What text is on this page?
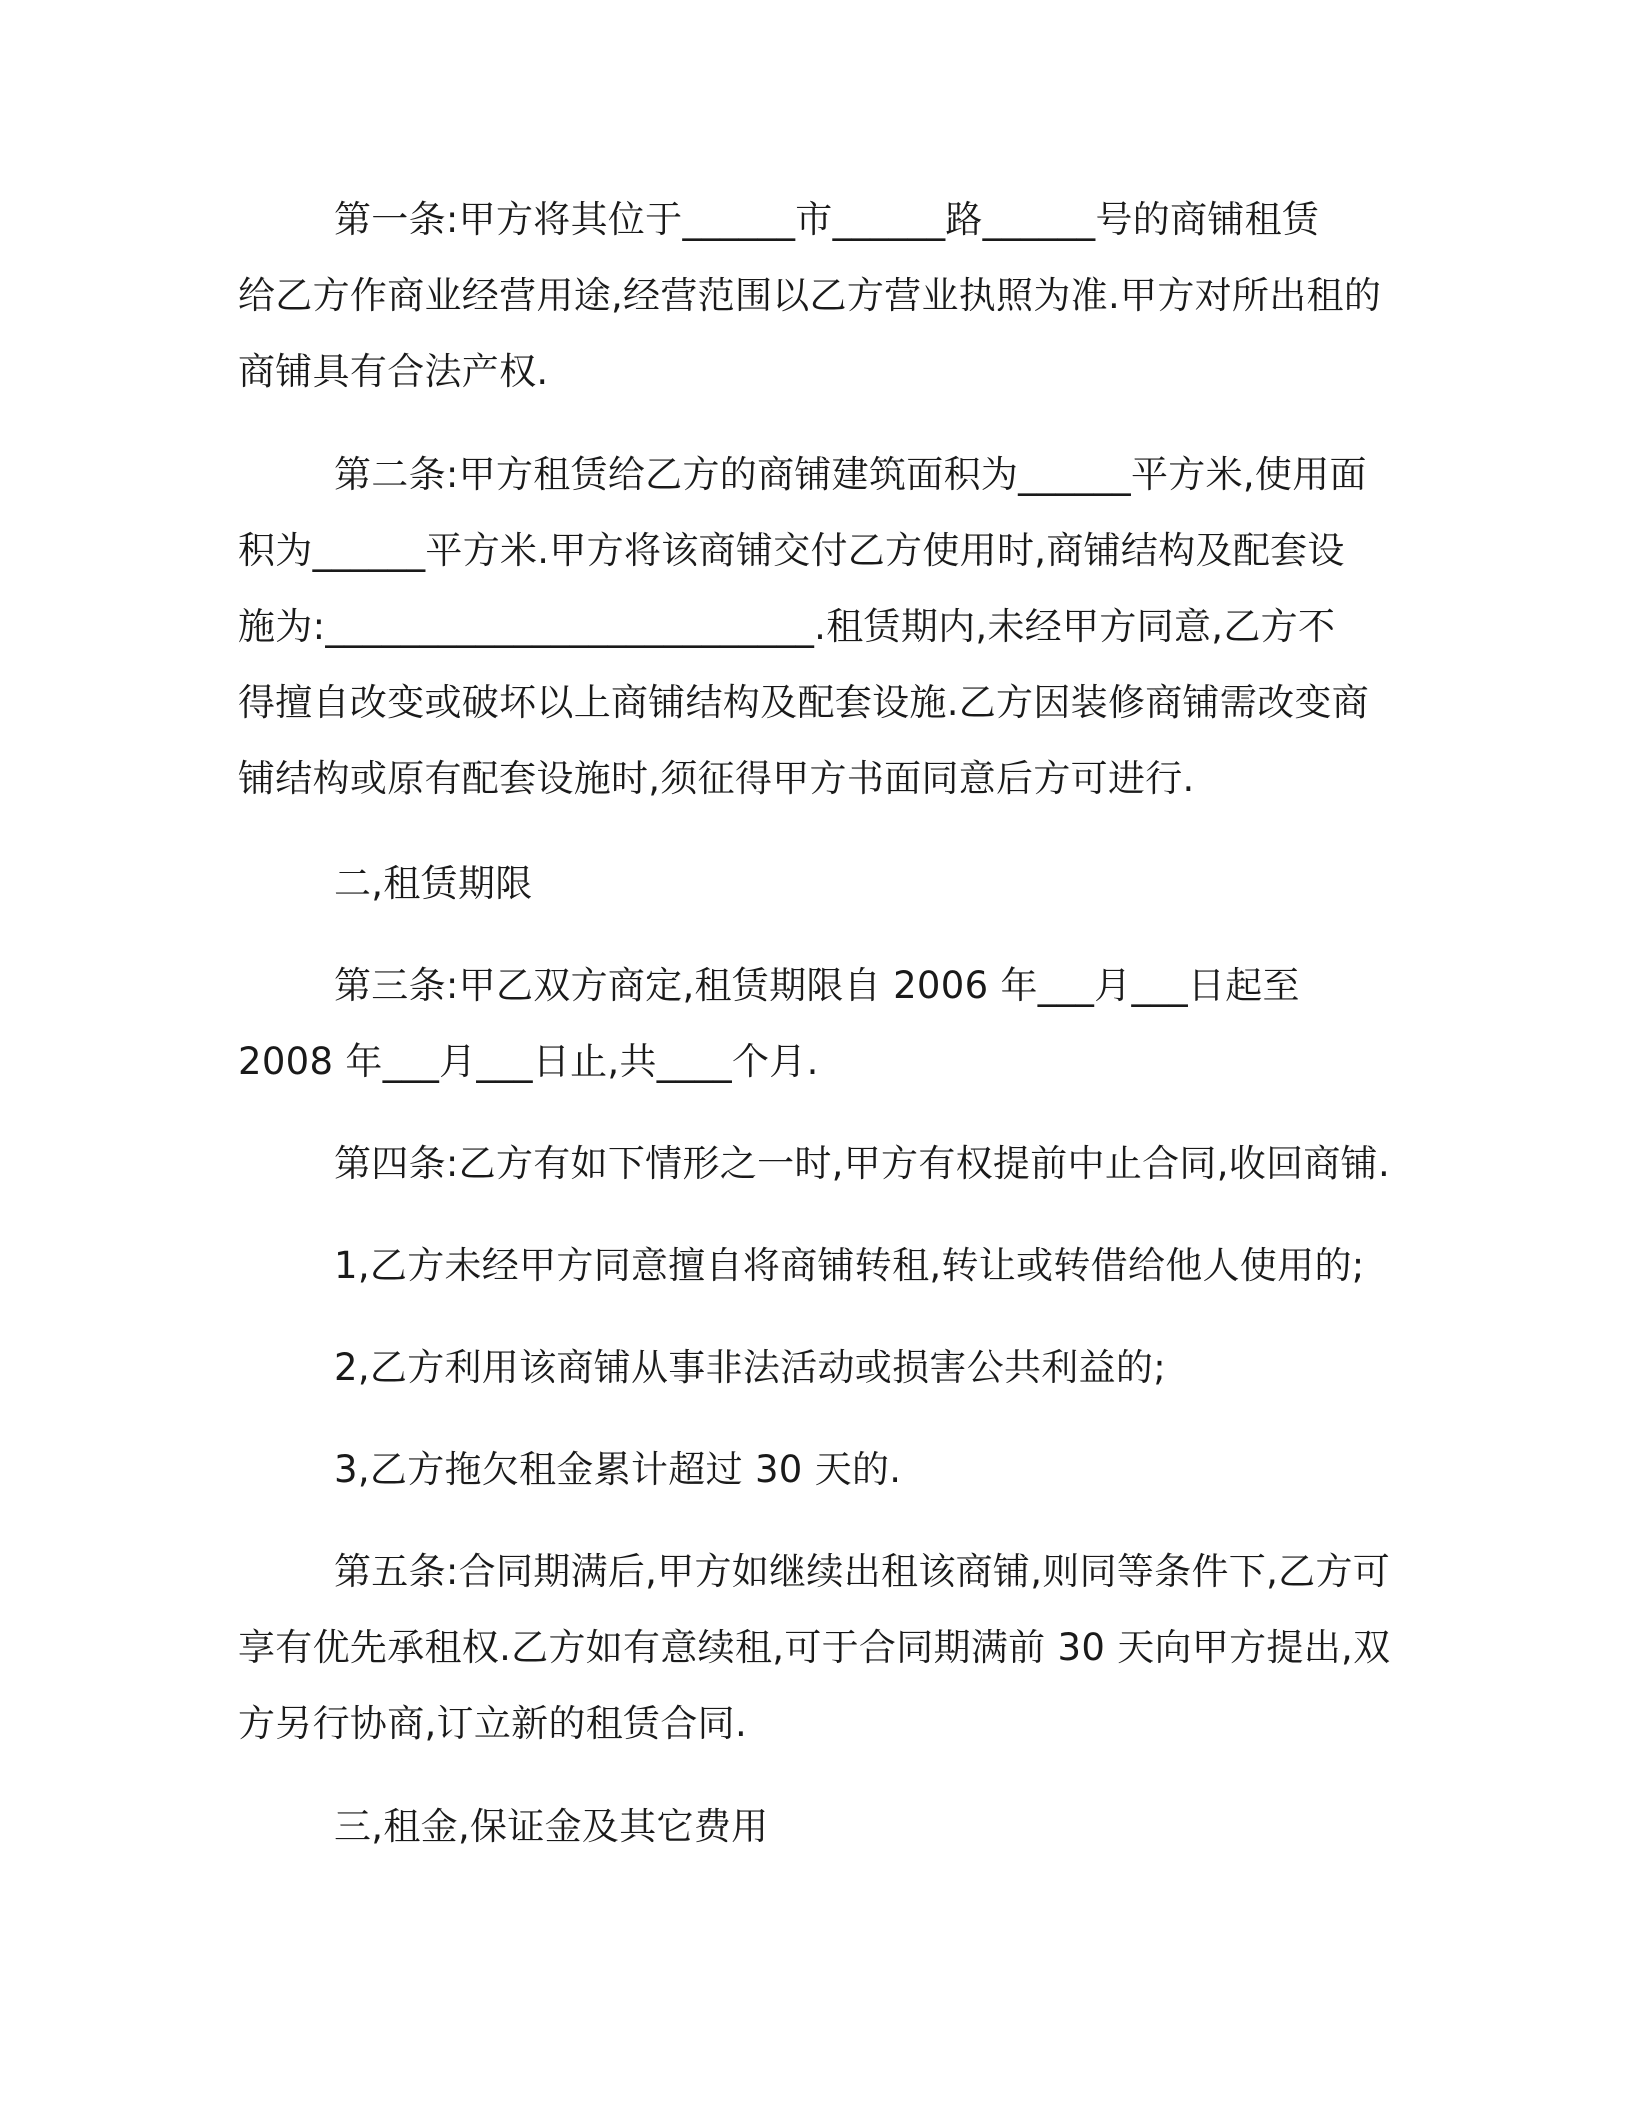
第一条:甲方将其位于______市______路______号的商铺租赁
给乙方作商业经营用途,经营范围以乙方营业执照为准.甲方对所出租的
商铺具有合法产权.
第二条:甲方租赁给乙方的商铺建筑面积为______平方米,使用面
积为______平方米.甲方将该商铺交付乙方使用时,商铺结构及配套设
施为:__________________________.租赁期内,未经甲方同意,乙方不
得擅自改变或破坏以上商铺结构及配套设施.乙方因装修商铺需改变商
铺结构或原有配套设施时,须征得甲方书面同意后方可进行.
二,租赁期限
第三条:甲乙双方商定,租赁期限自 2006 年___月___日起至
2008 年___月___日止,共____个月.
第四条:乙方有如下情形之一时,甲方有权提前中止合同,收回商铺.
1,乙方未经甲方同意擅自将商铺转租,转让或转借给他人使用的;
2,乙方利用该商铺从事非法活动或损害公共利益的;
3,乙方拖欠租金累计超过 30 天的.
第五条:合同期满后,甲方如继续出租该商铺,则同等条件下,乙方可
享有优先承租权.乙方如有意续租,可于合同期满前 30 天向甲方提出,双
方另行协商,订立新的租赁合同.
三,租金,保证金及其它费用
